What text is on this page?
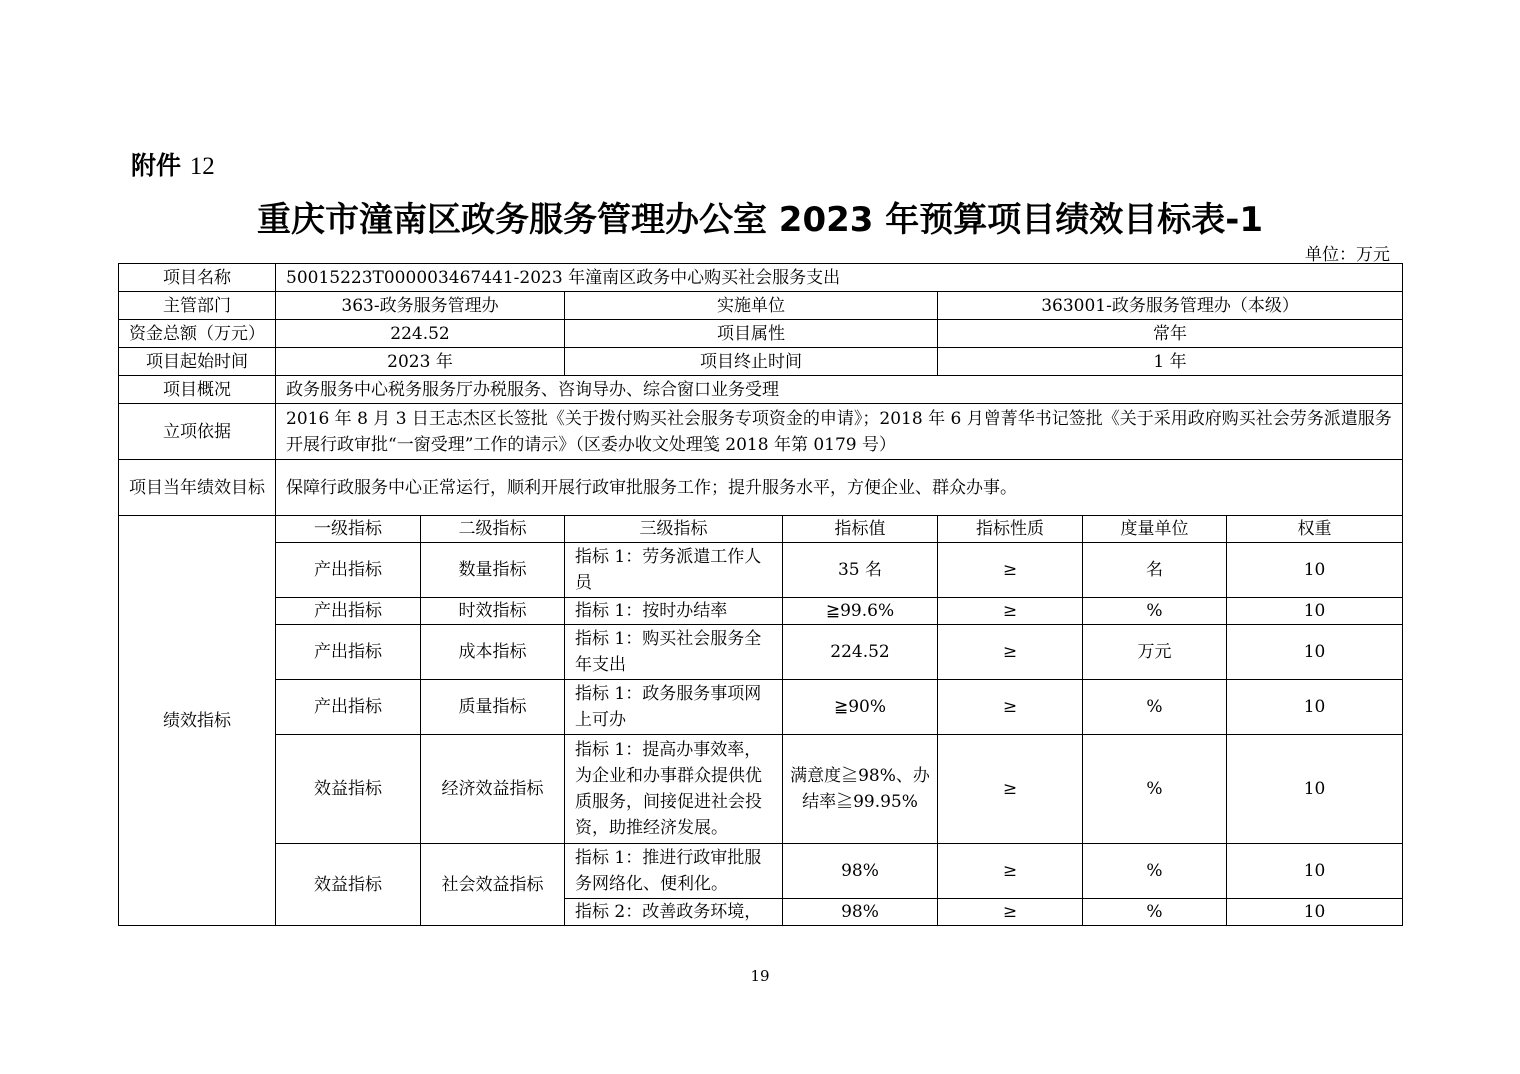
附件 12
重庆市潼南区政务服务管理办公室 2023 年预算项目绩效目标表-1
单位：万元
项目名称	50015223T000003467441-2023 年潼南区政务中心购买社会服务支出						
主管部门	363-政务服务管理办		实施单位		363001-政务服务管理办（本级）		
资金总额（万元）	224.52		项目属性		常年		
项目起始时间	2023 年		项目终止时间		1 年		
项目概况	政务服务中心税务服务厅办税服务、咨询导办、综合窗口业务受理						
立项依据	2016 年 8 月 3 日王志杰区长签批《关于拨付购买社会服务专项资金的申请》；2018 年 6 月曾菁华书记签批《关于采用政府购买社会劳务派遣服务开展行政审批“一窗受理”工作的请示》（区委办收文处理笺 2018 年第 0179 号）						
项目当年绩效目标	保障行政服务中心正常运行，顺利开展行政审批服务工作；提升服务水平，方便企业、群众办事。						
绩效指标	一级指标	二级指标	三级指标	指标值	指标性质	度量单位	权重
	产出指标	数量指标	指标 1：劳务派遣工作人员	35 名	≥	名	10
	产出指标	时效指标	指标 1：按时办结率	≧99.6%	≥	%	10
	产出指标	成本指标	指标 1：购买社会服务全年支出	224.52	≥	万元	10
	产出指标	质量指标	指标 1：政务服务事项网上可办	≧90%	≥	%	10
	效益指标	经济效益指标	指标 1：提高办事效率，为企业和办事群众提供优质服务，间接促进社会投资，助推经济发展。	满意度≧98%、办结率≧99.95%	≥	%	10
	效益指标	社会效益指标	指标 1：推进行政审批服务网络化、便利化。	98%	≥	%	10
			指标 2：改善政务环境，	98%	≥	%	10
19
